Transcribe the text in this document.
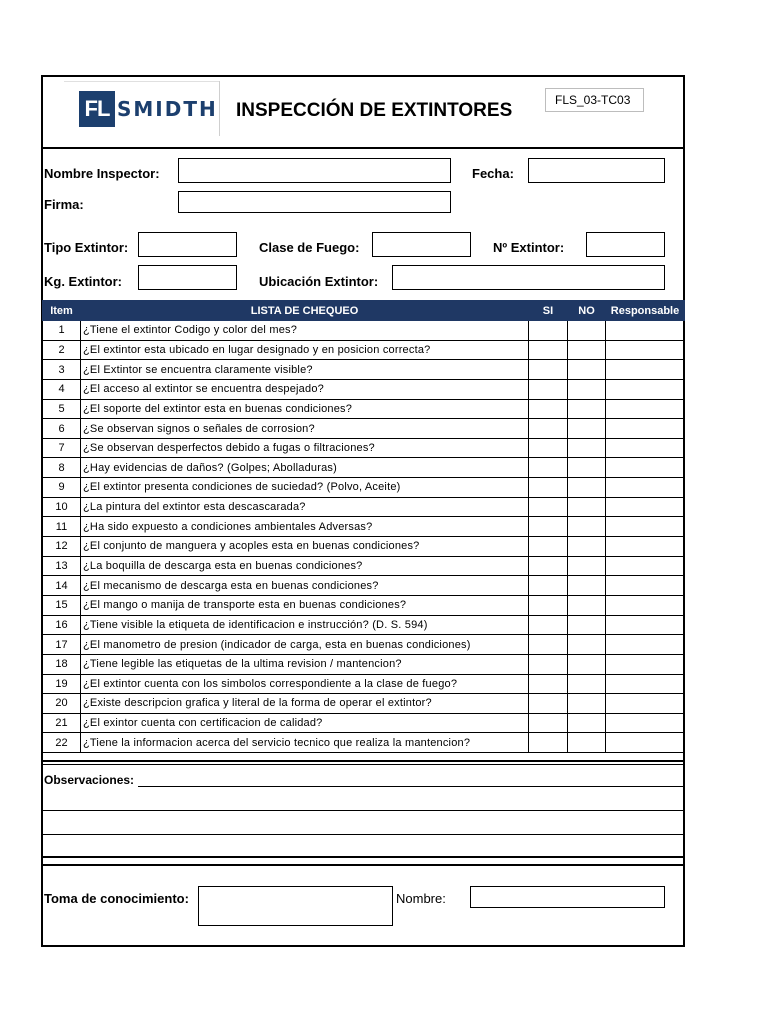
FL SMIDTH INSPECCIÓN DE EXTINTORES	FLS_03-TC03
Nombre Inspector:	Fecha:
Firma:
Tipo Extintor:	Clase de Fuego:	Nº Extintor:
Kg. Extintor:	Ubicación Extintor:
Item	LISTA DE CHEQUEO	SI	NO	Responsable
1	¿Tiene el extintor Codigo y color del mes?			
2	¿El extintor esta ubicado en lugar designado y en posicion correcta?			
3	¿El Extintor se encuentra claramente visible?			
4	¿El acceso al extintor se encuentra despejado?			
5	¿El soporte del extintor esta en buenas condiciones?			
6	¿Se observan signos o señales de corrosion?			
7	¿Se observan desperfectos debido a fugas o filtraciones?			
8	¿Hay evidencias de daños? (Golpes; Abolladuras)			
9	¿El extintor presenta condiciones de suciedad? (Polvo, Aceite)			
10	¿La pintura del extintor esta descascarada?			
11	¿Ha sido expuesto a condiciones ambientales Adversas?			
12	¿El conjunto de manguera y acoples esta en buenas condiciones?			
13	¿La boquilla de descarga esta en buenas condiciones?			
14	¿El mecanismo de descarga esta en buenas condiciones?			
15	¿El mango o manija de transporte esta en buenas condiciones?			
16	¿Tiene visible la etiqueta de identificacion e instrucción? (D. S. 594)			
17	¿El manometro de presion (indicador de carga, esta en buenas condiciones)			
18	¿Tiene legible las etiquetas de la ultima revision / mantencion?			
19	¿El extintor cuenta con los simbolos correspondiente a la clase de fuego?			
20	¿Existe descripcion grafica y literal de la forma de operar el extintor?			
21	¿El exintor cuenta con certificacion de calidad?			
22	¿Tiene la informacion acerca del servicio tecnico que realiza la mantencion?			
Observaciones:
Toma de conocimiento:	Nombre:
